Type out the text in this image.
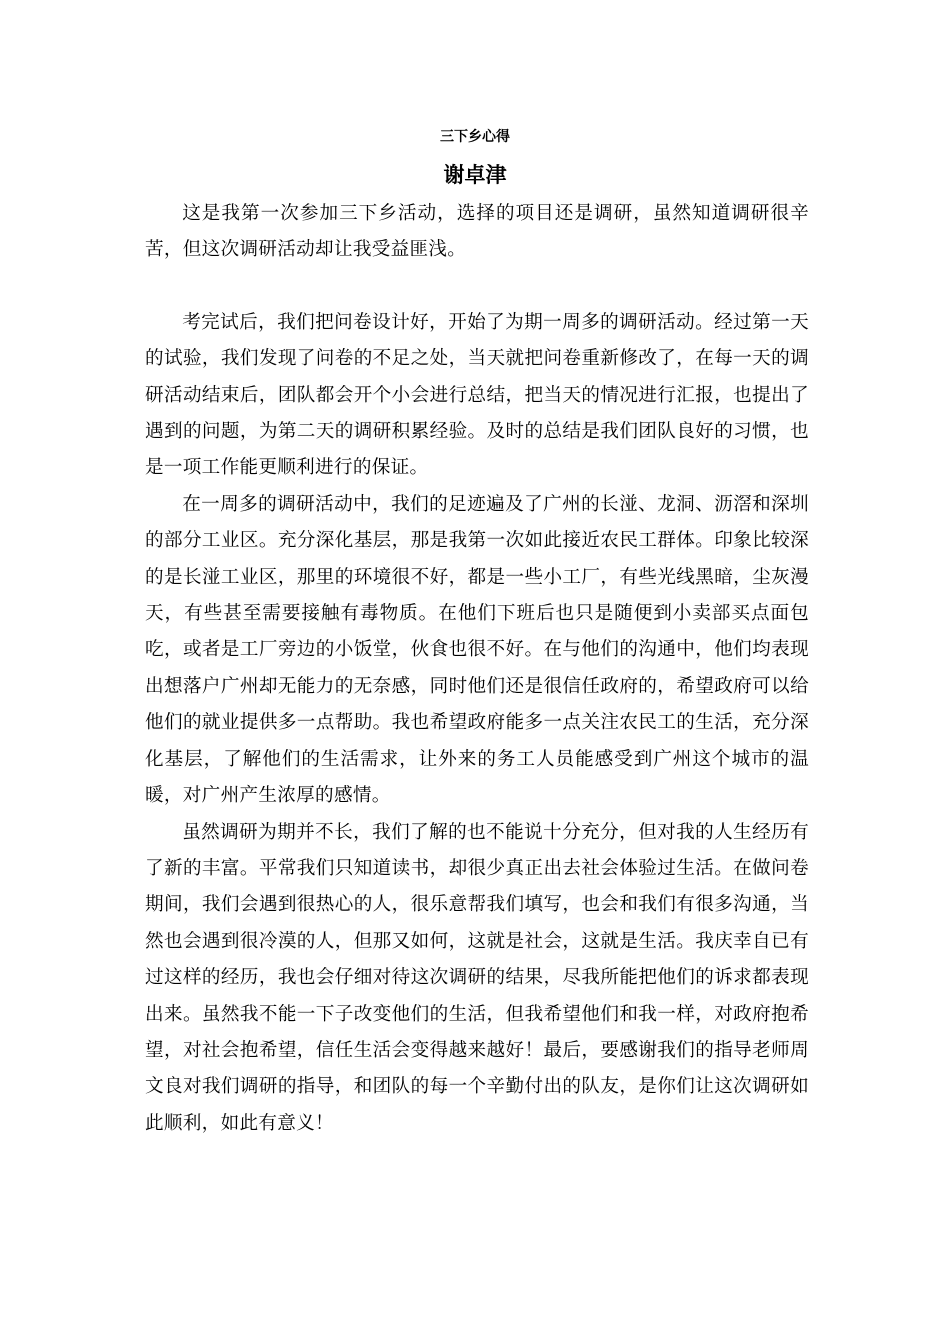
三下乡心得
谢卓津

这是我第一次参加三下乡活动，选择的项目还是调研，虽然知道调研很辛苦，但这次调研活动却让我受益匪浅。

考完试后，我们把问卷设计好，开始了为期一周多的调研活动。经过第一天的试验，我们发现了问卷的不足之处，当天就把问卷重新修改了，在每一天的调研活动结束后，团队都会开个小会进行总结，把当天的情况进行汇报，也提出了遇到的问题，为第二天的调研积累经验。及时的总结是我们团队良好的习惯，也是一项工作能更顺利进行的保证。

在一周多的调研活动中，我们的足迹遍及了广州的长湴、龙洞、沥滘和深圳的部分工业区。充分深化基层，那是我第一次如此接近农民工群体。印象比较深的是长湴工业区，那里的环境很不好，都是一些小工厂，有些光线黑暗，尘灰漫天，有些甚至需要接触有毒物质。在他们下班后也只是随便到小卖部买点面包吃，或者是工厂旁边的小饭堂，伙食也很不好。在与他们的沟通中，他们均表现出想落户广州却无能力的无奈感，同时他们还是很信任政府的，希望政府可以给他们的就业提供多一点帮助。我也希望政府能多一点关注农民工的生活，充分深化基层，了解他们的生活需求，让外来的务工人员能感受到广州这个城市的温暖，对广州产生浓厚的感情。

虽然调研为期并不长，我们了解的也不能说十分充分，但对我的人生经历有了新的丰富。平常我们只知道读书，却很少真正出去社会体验过生活。在做问卷期间，我们会遇到很热心的人，很乐意帮我们填写，也会和我们有很多沟通，当然也会遇到很冷漠的人，但那又如何，这就是社会，这就是生活。我庆幸自已有过这样的经历，我也会仔细对待这次调研的结果，尽我所能把他们的诉求都表现出来。虽然我不能一下子改变他们的生活，但我希望他们和我一样，对政府抱希望，对社会抱希望，信任生活会变得越来越好！最后，要感谢我们的指导老师周文良对我们调研的指导，和团队的每一个辛勤付出的队友，是你们让这次调研如此顺利，如此有意义！
